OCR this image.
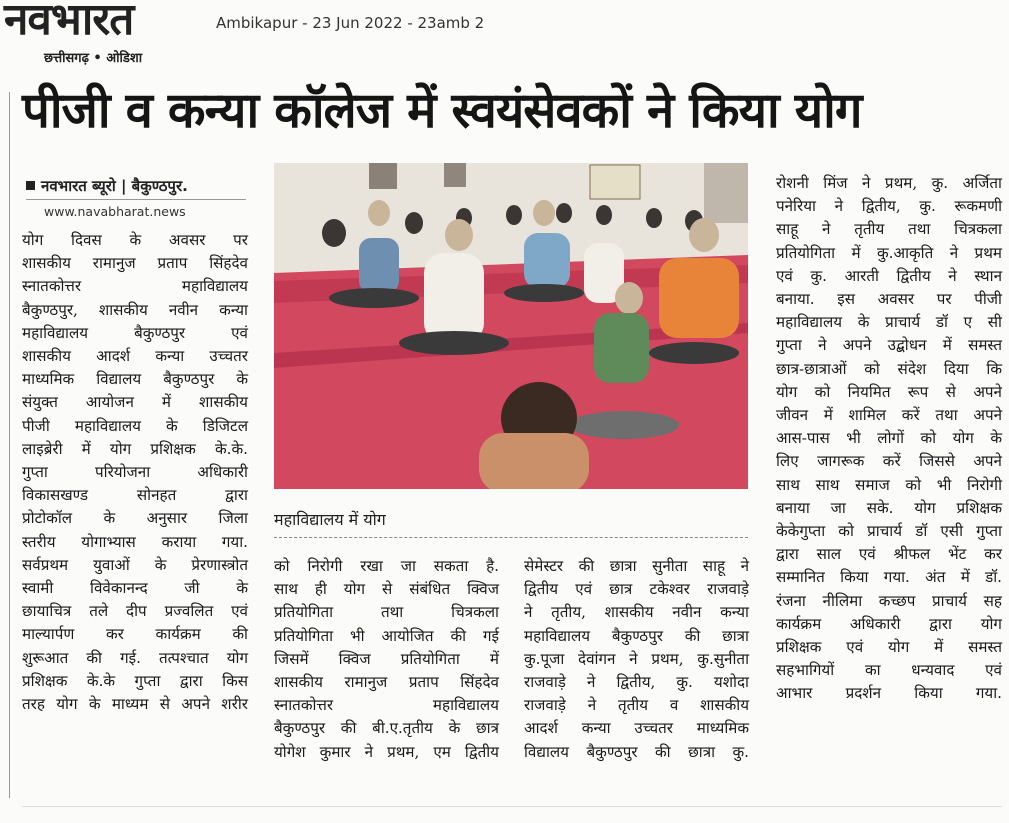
नवभारत
छत्तीसगढ़ • ओडिशा
Ambikapur - 23 Jun 2022 - 23amb 2
पीजी व कन्या कॉलेज में स्वयंसेवकों ने किया योग
नवभारत ब्यूरो | बैकुण्ठपुर.
www.navabharat.news

योग दिवस के अवसर पर

शासकीय रामानुज प्रताप सिंहदेव

स्नातकोत्तर महाविद्यालय

बैकुण्ठपुर, शासकीय नवीन कन्या

महाविद्यालय बैकुण्ठपुर एवं

शासकीय आदर्श कन्या उच्चतर

माध्यमिक विद्यालय बैकुण्ठपुर के

संयुक्त आयोजन में शासकीय

पीजी महाविद्यालय के डिजिटल

लाइब्रेरी में योग प्रशिक्षक के.के.

गुप्ता परियोजना अधिकारी

विकासखण्ड सोनहत द्वारा

प्रोटोकॉल के अनुसार जिला

स्तरीय योगाभ्यास कराया गया.

सर्वप्रथम युवाओं के प्रेरणास्त्रोत

स्वामी विवेकानन्द जी के

छायाचित्र तले दीप प्रज्वलित एवं

माल्यार्पण कर कार्यक्रम की

शुरूआत की गई. तत्पश्चात योग

प्रशिक्षक के.के गुप्ता द्वारा किस

तरह योग के माध्यम से अपने शरीर

महाविद्यालय में योग

को निरोगी रखा जा सकता है.

साथ ही योग से संबंधित क्विज

प्रतियोगिता तथा चित्रकला

प्रतियोगिता भी आयोजित की गई

जिसमें क्विज प्रतियोगिता में

शासकीय रामानुज प्रताप सिंहदेव

स्नातकोत्तर महाविद्यालय

बैकुण्ठपुर की बी.ए.तृतीय के छात्र

योगेश कुमार ने प्रथम, एम द्वितीय

सेमेस्टर की छात्रा सुनीता साहू ने

द्वितीय एवं छात्र टकेश्वर राजवाड़े

ने तृतीय, शासकीय नवीन कन्या

महाविद्यालय बैकुण्ठपुर की छात्रा

कु.पूजा देवांगन ने प्रथम, कु.सुनीता

राजवाड़े ने द्वितीय, कु. यशोदा

राजवाड़े ने तृतीय व शासकीय

आदर्श कन्या उच्चतर माध्यमिक

विद्यालय बैकुण्ठपुर की छात्रा कु.

रोशनी मिंज ने प्रथम, कु. अर्जिता

पनेरिया ने द्वितीय, कु. रूकमणी

साहू ने तृतीय तथा चित्रकला

प्रतियोगिता में कु.आकृति ने प्रथम

एवं कु. आरती द्वितीय ने स्थान

बनाया. इस अवसर पर पीजी

महाविद्यालय के प्राचार्य डॉ ए सी

गुप्ता ने अपने उद्बोधन में समस्त

छात्र-छात्राओं को संदेश दिया कि

योग को नियमित रूप से अपने

जीवन में शामिल करें तथा अपने

आस-पास भी लोगों को योग के

लिए जागरूक करें जिससे अपने

साथ साथ समाज को भी निरोगी

बनाया जा सके. योग प्रशिक्षक

केकेगुप्ता को प्राचार्य डॉ एसी गुप्ता

द्वारा साल एवं श्रीफल भेंट कर

सम्मानित किया गया. अंत में डॉ.

रंजना नीलिमा कच्छप प्राचार्य सह

कार्यक्रम अधिकारी द्वारा योग

प्रशिक्षक एवं योग में समस्त

सहभागियों का धन्यवाद एवं

आभार प्रदर्शन किया गया.
